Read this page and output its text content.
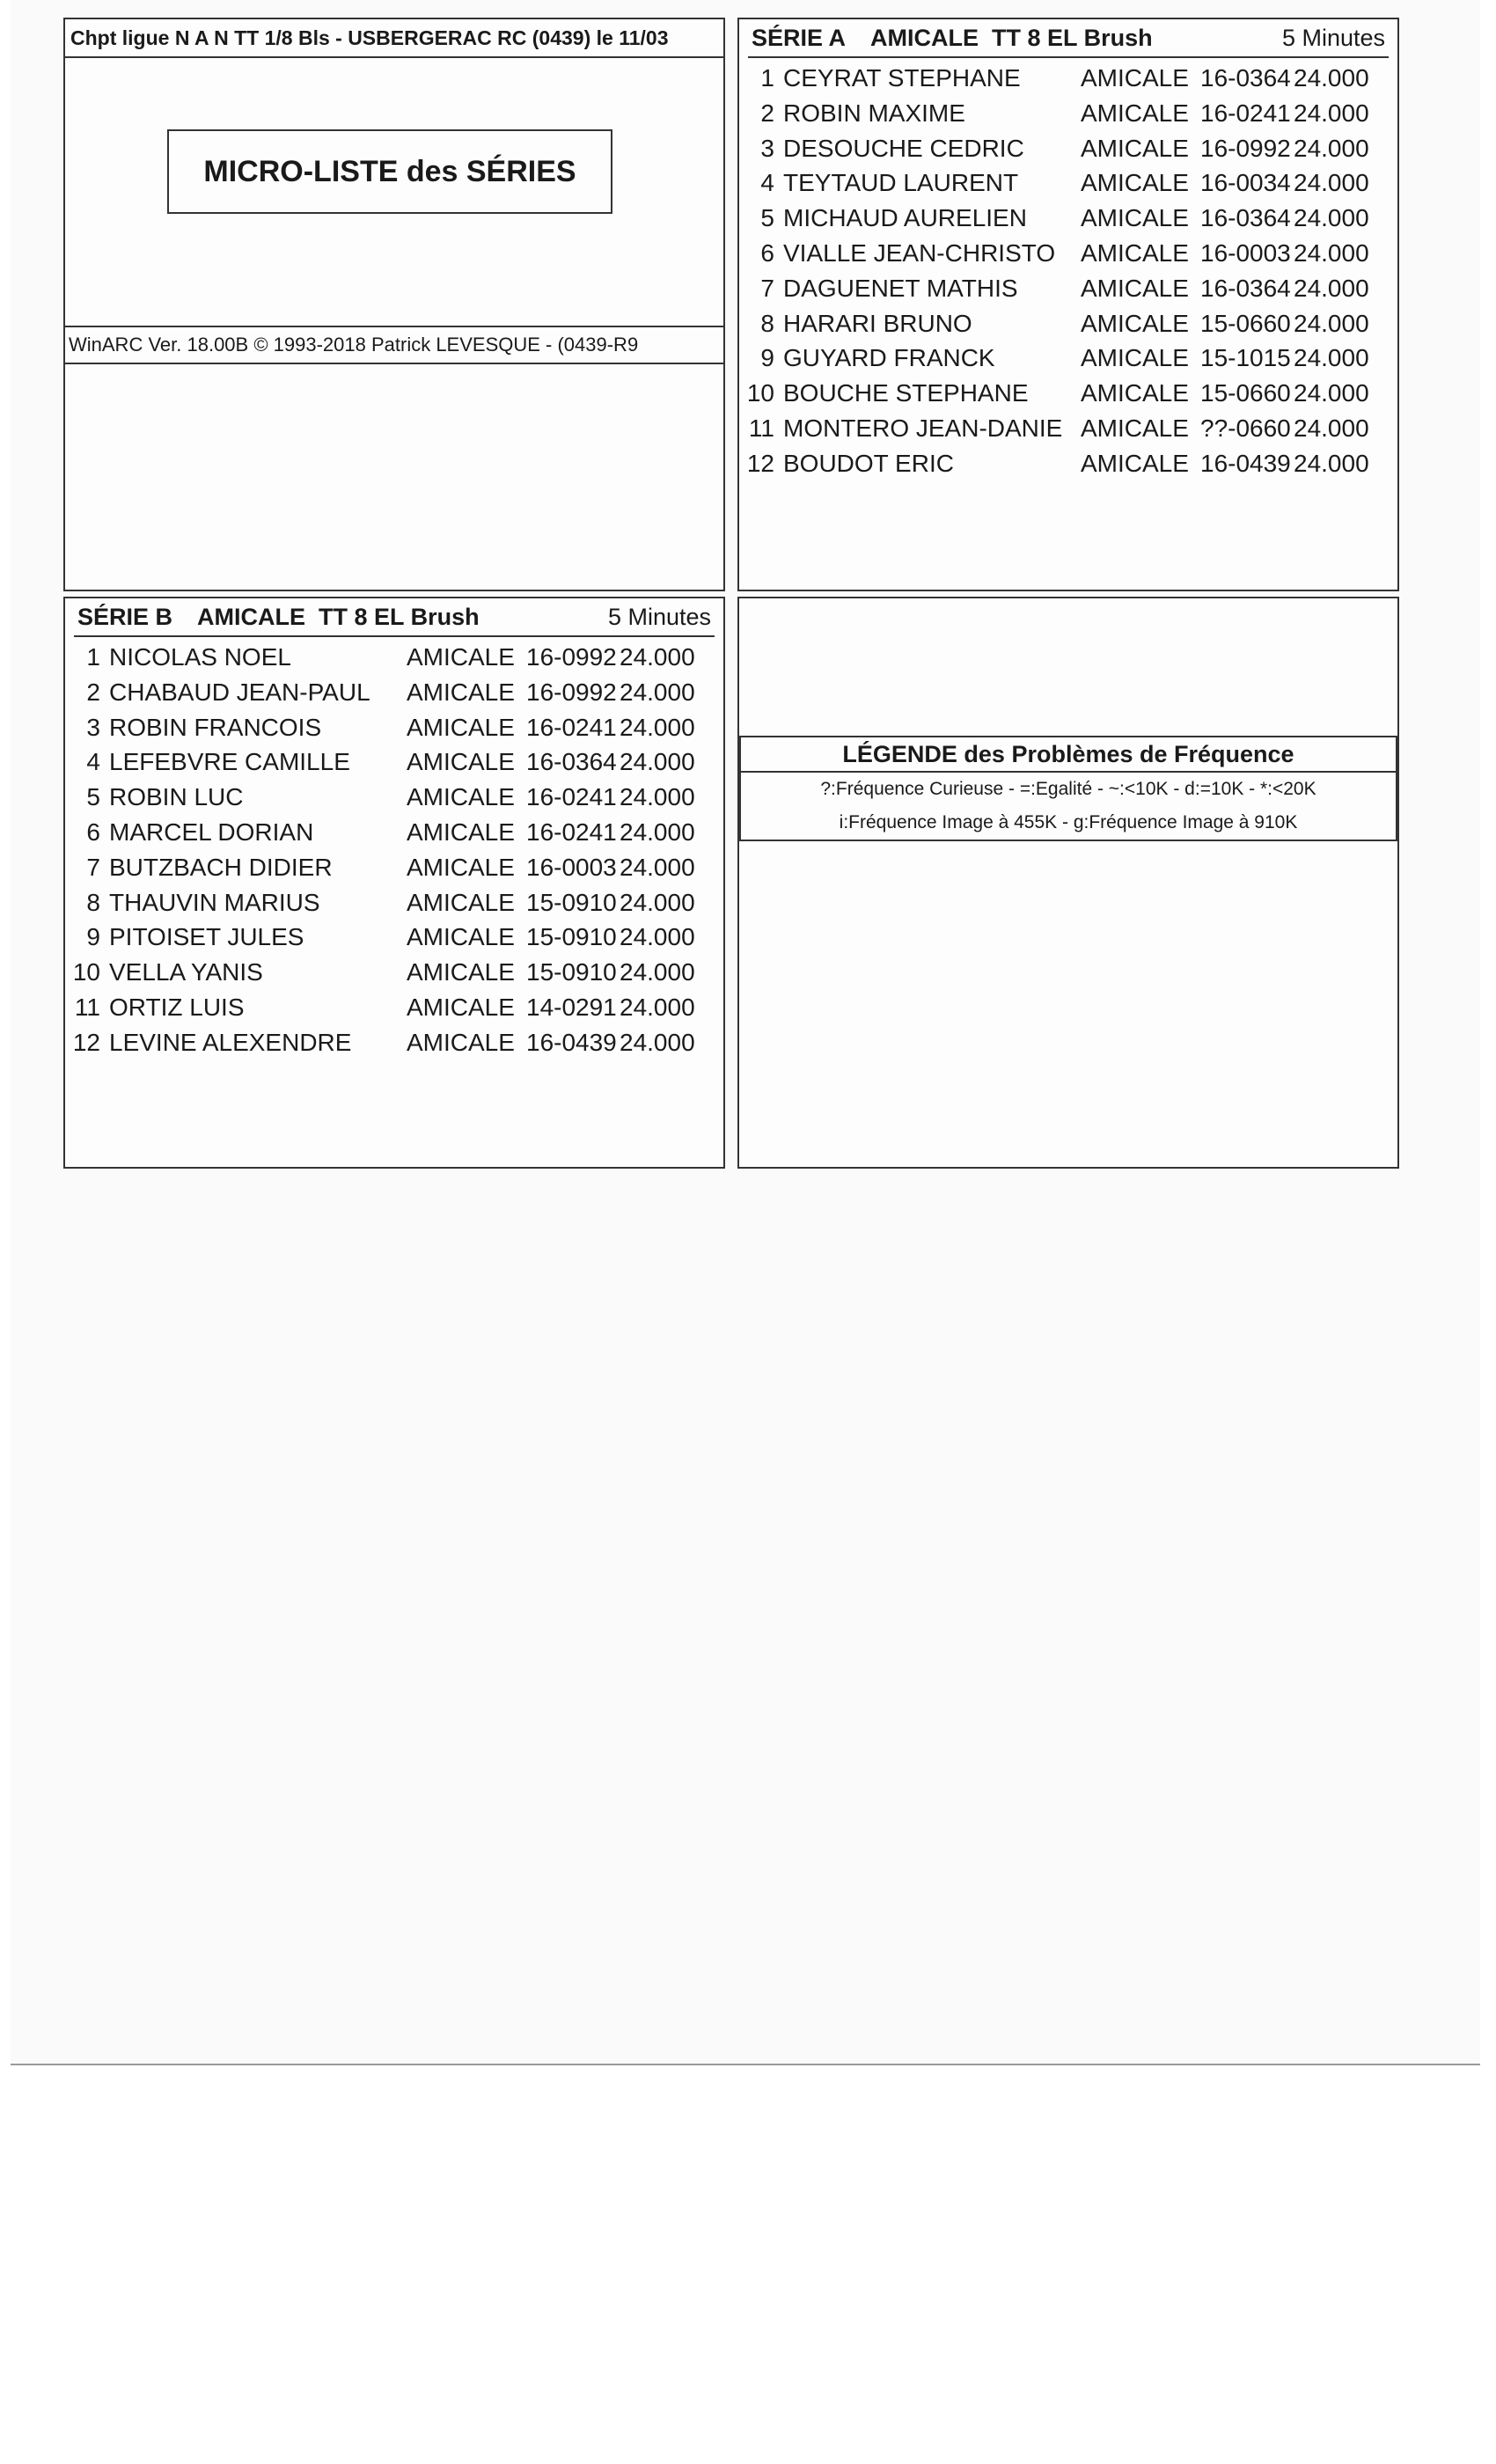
Chpt ligue N A N TT 1/8 Bls - USBERGERAC RC (0439) le 11/03
MICRO-LISTE des SÉRIES
WinARC Ver. 18.00B © 1993-2018 Patrick LEVESQUE - (0439-R9
SÉRIE A AMICALE TT 8 EL Brush	5 Minutes
1 CEYRAT STEPHANE AMICALE 16-0364 24.000
2 ROBIN MAXIME	AMICALE 16-0241 24.000
3 DESOUCHE CEDRIC AMICALE 16-0992 24.000
4 TEYTAUD LAURENT	AMICALE 16-0034 24.000
5 MICHAUD AURELIEN AMICALE 16-0364 24.000
6 VIALLE JEAN-CHRISTO AMICALE 16-0003 24.000
7 DAGUENET MATHIS	AMICALE 16-0364 24.000
8 HARARI BRUNO	AMICALE 15-0660 24.000
9 GUYARD FRANCK	AMICALE 15-1015 24.000
10 BOUCHE STEPHANE AMICALE 15-0660 24.000
11 MONTERO JEAN-DANIE AMICALE ??-0660 24.000
12 BOUDOT ERIC	AMICALE 16-0439 24.000
SÉRIE B AMICALE TT 8 EL Brush	5 Minutes
1 NICOLAS NOEL	AMICALE 16-0992 24.000
2 CHABAUD JEAN-PAUL AMICALE 16-0992 24.000
3 ROBIN FRANCOIS	AMICALE 16-0241 24.000
4 LEFEBVRE CAMILLE AMICALE 16-0364 24.000
5 ROBIN LUC	AMICALE 16-0241 24.000
6 MARCEL DORIAN	AMICALE 16-0241 24.000
7 BUTZBACH DIDIER	AMICALE 16-0003 24.000
8 THAUVIN MARIUS	AMICALE 15-0910 24.000
9 PITOISET JULES	AMICALE 15-0910 24.000
10 VELLA YANIS	AMICALE 15-0910 24.000
11 ORTIZ LUIS	AMICALE 14-0291 24.000
12 LEVINE ALEXENDRE AMICALE 16-0439 24.000
LÉGENDE des Problèmes de Fréquence
?:Fréquence Curieuse - =:Egalité - ~:<10K - d:=10K - *:<20K
i:Fréquence Image à 455K - g:Fréquence Image à 910K
